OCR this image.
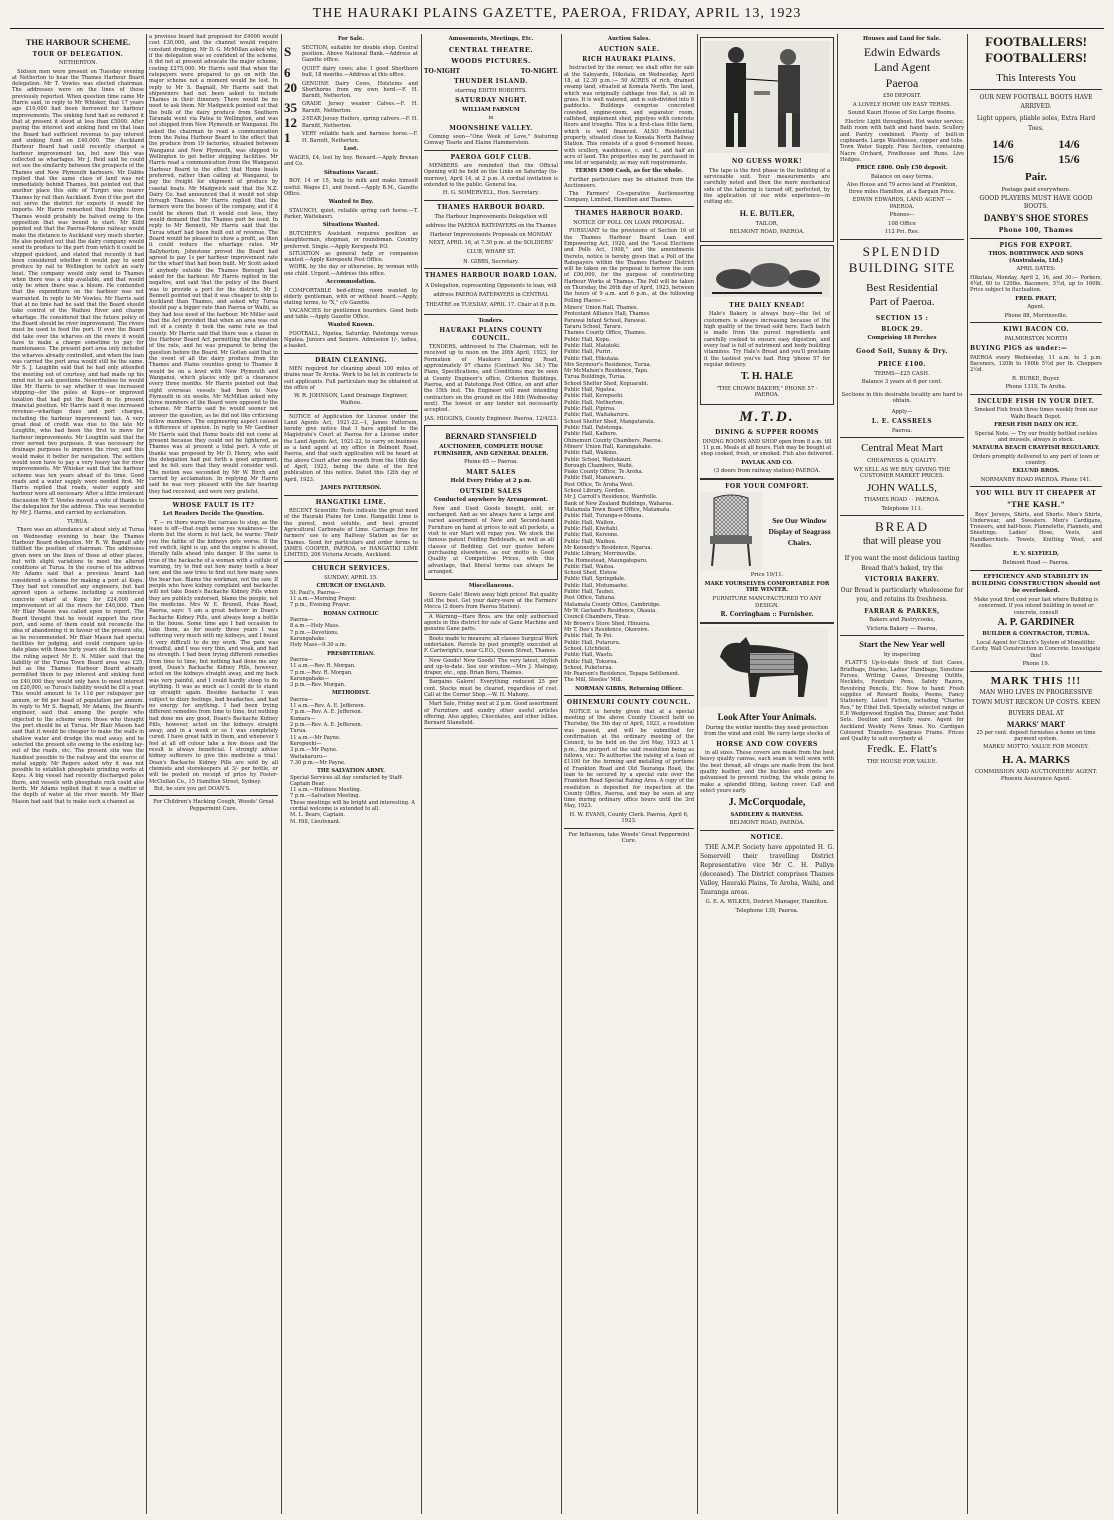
THE HAURAKI PLAINS GAZETTE, PAEROA, FRIDAY, APRIL 13, 1923
THE HARBOUR SCHEME.
TOUR OF DELEGATION.
NETHERTON.

Sixteen men were present on Tuesday evening at Netherton to hear the Thames Harbour Board delegation. Mr T. Vowles was elected chairman. The addresses were on the lines of those previously reported. When question time came Mr Harris said, in reply to Mr Whisker, that 17 years ago £10,000 had been borrowed for harbour improvements. The sinking fund had so reduced it that at present it stood at less than £5000. After paying the interest and sinking fund on that loan the Board had sufficient revenue to pay interest and sinking fund on £40,000. The Auckland Harbour Board had until recently charged a harbour improvement tax, but now this was collected as wharfages. Mr J. Reid said he could not see the similarity between the prospects of the Thames and New Plymouth harbours. Mr Dabbs replied that the same class of land was not immediately behind Thames, but pointed out that another place this side of Turgiri was nearer Thames by rail than Auckland. Even if the port did not serve the district for exports it would for imports. Mr Harris remarked that freights from Thames would probably be halved owing to the opposition that was bound to start. Mr Kidd pointed out that the Paeroa-Pokeno railway would make the distance to Auckland very much shorter. He also pointed out that the dairy company would send its produce to the port from which it could be shipped quickest, and stated that recently it had been considered whether it would pay to send produce by rail to Wellington to catch an early boat. The company would only send to Thames when there was a ship available, and that would only be when there was a bloom. He contended that the expenditure on the harbour was not warranted. In reply to Mr Vowles, Mr Harris said that at no time had he said that the Board should take control of the Waihou River and charge wharfage. He considered that the future policy of the Board should be river improvement. The rivers must be used to feed the port. If ever the Board did take over the wharves on the rivers it would have to make a charge sometime to pay for maintenance. The present port area only included the wharves already controlled, and when the loan was carried the port area would still be the same. Mr S. J. Laughlin said that he had only attended the meeting out of courtesy, and had made up his mind not to ask questions. Nevertheless he would like Mr Harris to say whether it was increased shipping—for the poles at Kopu—or improved taxation that had put the Board in its present financial position. Mr Harris said it was increased revenue—wharfage dues and port charges, including the harbour improvement tax. A very great deal of credit was due to the late Mr Loughlin, who had been the first to move for harbour improvements. Mr Loughlin said that the river served two purposes. It was necessary for drainage purposes to improve the river, and this would make it better for navigation. The settlers would soon have to pay a very heavy tax for river improvements. Mr Whisker said that the harbour scheme was ten years ahead of its time. Good roads and a water supply were needed first. Mr Harris replied that roads, water supply and harbour were all necessary. After a little irrelevant discussion Mr T. Vowles moved a vote of thanks to the delegation for the address. This was seconded by Mr J. Harms, and carried by acclamation.

TURUA.

There was an attendance of about sixty at Turua on Wednesday evening to hear the Thames Harbour Board delegation. Mr R. W. Bagnall ably fulfilled the position of chairman. The addresses given were on the lines of those at other places, but with slight variations to meet the altered conditions at Turua. In the course of his address Mr Adams said that a previous board had considered a scheme for making a port at Kopu. They had not consulted any engineers, but had agreed upon a scheme including a reinforced concrete wharf at Kopu for £24,000 and improvement of all the rivers for £40,000. Then Mr Blair Mason was called upon to report. The Board thought that he would support the river port, and some of them could not reconcile the idea of abandoning it in favour of the present site, as he recommended. Mr Blair Mason had special facilities for judging, and could compare up-to-date plans with those forty years old. In discussing the ruling aspect Mr E. N. Miller said that the liability of the Turua Town Board area was £25, but as the Thames Harbour Board already permitted them to pay interest and sinking fund on £40,000 they would only have to meet interest on £20,000, so Turua's liability would be £8 a year. This would amount to 1s 11d per ratepayer per annum, or 6d per head of population per annum. In reply to Mr S. Bagnall, Mr Adams, the Board's engineer, said that among the people who objected to the scheme were those who thought the port should be at Turua. Mr Blair Mason had said that it would be cheaper to make the walls in shallow water and dredge the mud away, and he selected the present site owing to the existing lay-out of the roads, etc. The present site was the handiest possible to the railway and the source of metal supply. Mr Rogers asked why it was not possible to establish phosphate grinding works at Kopu. A big vessel had recently discharged poles there, and vessels with phosphate rock could also berth. Mr Adams replied that it was a matter of the depth of water at the river mouth. Mr Blair Mason had said that to make such a channel as

a previous board had proposed for £4000 would cost £30,000, and the channel would require constant dredging. Mr D. G. McMillan asked why, if the delegation was so confident of the scheme, it did not at present advocate the major scheme, costing £275,000. Mr Harris said that when the ratepayers were prepared to go on with the major scheme not a moment would be lost. In reply to Mr S. Bagnall, Mr Harris said that shipowners had not been asked to include Thames in their itinerary. There would be no need to ask them. Mr Madgwick pointed out that the bulk of the dairy produce from Southern Taranaki went via Patea to Wellington, and was not shipped from New Plymouth or Wanganui. He asked the chairman to read a communication from the Patea Harbour Board to the effect that the produce from 19 factories, situated between Wanganui and New Plymouth, was shipped to Wellington to get better shipping facilities. Mr Harris read a communication from the Wanganui Harbour Board to the effect that Home boats preferred, rather than calling at Wanganui, to pay the freight for shipment of produce by coastal boats. Mr Madgwick said that the N.Z. Dairy Co. had announced that it would not ship through Thames. Mr Harris replied that the farmers were the bosses of the company, and if it could be shown that it would cost less, they would demand that the Thames port be used. In reply to Mr Bennett, Mr Harris said that the Turua wharf had been built out of revenue. The Board would be pleased to show a profit, as then it could reduce the wharfage rates. Mr Ballyborton, Johnstone proved the Board had agreed to pay 1s per harbour improvement rate for the wharf that had been built. Mr Scott asked if anybody outside the Thames Borough had asked for the harbour. Mr Harris replied in the negative, and said that the policy of the Board was to provide a port for the district. Mr J. Bennett pointed out that it was cheaper to ship to Auckland than Thames, and asked why Turua should pay a bigger rate than Paeroa or Waihi, as they had less need of the harbour. Mr Miller said that the Act provided that when an area was cut out of a county it took the same rate as that county. Mr Harris said that there was a clause in the Harbour Board Act permitting the alteration of the rate, and he was prepared to bring the question before the Board. Mr Gotlan said that in the event of all the dairy produce from the Thames and Plains counties going to Thames it would be on a level with New Plymouth and Wanganui, which places only got a clearance every three months. Mr Harris pointed out that eight overseas vessels had been to New Plymouth in six weeks. Mr McMillan asked why three members of the Board were opposed to the scheme. Mr Harris said he would sooner not answer the question, as he did not like criticising fellow members. The engineering aspect caused a difference of opinion. In reply to Mr Gardiner Mr Harris said that Home boats did not come at present because they could not be lightered, as Thames was at present a tidal port. A vote of thanks was proposed by Mr D. Henry, who said the delegation had put forth a good argument, and he felt sure that they would consider well. The motion was seconded by Mr W. Birch and carried by acclamation. In replying Mr Harris said he was very pleased with the fair hearing they had received, and were very grateful.

WHOSE FAULT IS IT?
Let Readers Decide The Question.

T — ro thors warns the carcass to stop, as the lease is off—that ough some yes weakness— the storm but the storm is but lack, he warns: Their you the faithe of the kidneys gets worse. If the red switch, light is up, and the engine is abused, literally falls ahead into danger. If the same is true of the backache of a woman with a cellule of warning, try to find out how many teeth a bear saw, and the saw tries to find out how many saws the bear has. Blame the workman, not the saw. If people who have kidney complaint and backache will not take Doan's Backache Kidney Pills when they are publicly endorsed, blame the people, not the medicine. Mrs W. E. Brunell, Puke Road, Paeroa, says: 'I am a great believer in Doan's Backache Kidney Pills, and always keep a bottle in the house. Some time ago I had occasion to take them, as for nearly three years I was suffering very much with my kidneys, and I found it very difficult to do my work. The pain was dreadful, and I was very thin, and weak, and had no strength. I had been trying different remedies from time to time, but nothing had done me any good, Doan's Backache Kidney Pills, however, acted on the kidneys straight away, and my back was very painful, and I could hardly stoop to do anything. It was as much as I could do to stand up straight again. Besides backache I was subject to dizzy feelings, bad headaches, and had no energy for anything. I had been trying different remedies from time to time, but nothing had done me any good, Doan's Backache Kidney Pills, however, acted on the kidneys straight away, and in a week or so I was completely cured. I have great faith in them, and whenever I feel at all off colour take a few doses and the result is always beneficial. I strongly advise kidney sufferers to give this medicine a trial.' Doan's Backache Kidney Pills are sold by all chemists and storekeepers at 3/- per bottle, or will be posted on receipt of price by Foster-McClellan Co., 15 Hamilton Street, Sydney.

But, be sure you get DOAN'S.

For Children's Hacking Cough, Woods' Great Peppermint Cure.
For Sale.
S	SECTION, suitable for double shop. Central position. Above National Bank.—Address at Gazette office.
6	QUIET dairy cows; also 1 good Shorthorn bull, 18 months.—Address at this office.
20 GENUINE Dairy Cows, Holsteins and Shorthorns from my own herd.—F. H. Barnitt, Netherton.
35 GRADE Jersey weaner Calves.—F. H. Barnitt, Netherton.
12 2-YEAR Jersey Heifers, spring calvers.—F. H. Barnitt, Netherton.
1	VERY reliable hack and harness horse.—F. H. Barnitt, Netherton.
Lost.

WAGES, £4, lost by boy. Reward.—Apply Brenan and Co.

Situations Vacant.

BOY, 14 or 15, help to milk and make himself useful. Wages £1, and found.—Apply B.M., Gazette Office.

Wanted to Buy.

STAUNCH, quiet, reliable spring cart horse.—T. Parker, Waitekauri.

Situations Wanted.

BUTCHER'S Assistant requires position as slaughterman, shopman, or roundsman. Country preferred. Single.—Apply Kerepeehi P.O.

SITUATION as general help or companion wanted.—Apply Kerepeehi Post Office.

WORK, by the day or otherwise, by woman with one child. Urgent.—Address this office.

Accommodation.

COMFORTABLE bed-sitting room wanted by elderly gentleman, with or without board.—Apply, stating terms, to "X," c/o Gazette.

VACANCIES for gentlemen boarders. Good beds and table.—Apply Gazette Office.

Wanted Known.

FOOTBALL, Ngatea, Saturday. Patetonga versus Ngatea. Juniors and Seniors. Admission 1/-, ladies, a basket.

DRAIN CLEANING.

MEN required for cleaning about 100 miles of drains near Te Aroha. Work to be let in contracts to suit applicants. Full particulars may be obtained at the office of

W. R. JOHNSON, Land Drainage Engineer, Waihou.

NOTICE of Application for License under the Land Agents Act, 1921-22.—I, James Patterson, hereby give notice that I have applied to the Magistrate's Court at Paeroa for a License under the Land Agents Act, 1921-22, to carry on business as a land agent at my office in Belmont Road, Paeroa, and that such application will be heard at the above Court after one month from the 16th day of April, 1923, being the date of the first publication of this notice. Dated this 12th day of April, 1923.

JAMES PATTERSON.
HANGATIKI LIME.

RECENT Scientific Tests indicate the great need of the Hauraki Plains for Lime. Hangatiki Lime is the purest, most soluble, and best ground Agricultural Carbonate of Lime. Carriage free for farmers' use to any Railway Station as far as Thames. Send for particulars and order forms to JAMES COOPER, PAEROA, or HANGATIKI LIME LIMITED, 206 Victoria Arcade, Auckland.

CHURCH SERVICES.
SUNDAY, APRIL 15.
CHURCH OF ENGLAND.
St. Paul's, Paeroa—
11 a.m.—Morning Prayer.
7 p.m., Evening Prayer.
ROMAN CATHOLIC
Paeroa—
8 a.m.—Holy Mass.
7 p.m.—Devotions.
Karangahake:
Holy Mass—9.30 a.m.
PRESBYTERIAN.
Paeroa—
11 a.m.—Rev. R. Morgan.
7 p.m.—Rev. R. Morgan.
Karangahake—
3 p.m.—Rev. Morgan.
METHODIST.
Paeroa—
11 a.m.—Rev. A. E. Jefferson.
7 p.m.—Rev. A. E. Jefferson.
Kumara—
2 p.m.—Rev. A. E. Jefferson.
Turua.
11 a.m.—Mr Payne.
Kerepeehi—
3 p.m.—Mr Payne.
Waitakaruru—
7.30 p.m.—Mr Payne.
THE SALVATION ARMY.
Special Services all day conducted by Staff-Captain Bear.
11 a.m.—Holiness Meeting.
7 p.m.—Salvation Meeting.
These meetings will be bright and interesting. A cordial welcome is extended to all.
M. L. Bears, Captain.
M. Hill, Lieutenant.
Amusements, Meetings, Etc.
CENTRAL THEATRE.
WOODS PICTURES.
TO-NIGHT	TO-NIGHT.
THUNDER ISLAND.
starring EDITH ROBERTS.
SATURDAY NIGHT.
WILLIAM FARNUM
in
MOONSHINE VALLEY.

Coming soon—"One Week of Love," featuring Conway Tearle and Elaine Hammerstein.

PAEROA GOLF CLUB.

MEMBERS are reminded that the Official Opening will be held on the Links on Saturday (to-morrow), April 14, at 2 p.m. A cordial invitation is extended to the public. General tea.

H. G. SOMERVELL, Hon. Secretary.
THAMES HARBOUR BOARD.

The Harbour Improvements Delegation will address the PAEROA RATEPAYERS on the Thames Harbour Improvements Proposals on MONDAY NEXT, APRIL 16, at 7.30 p.m. at the SOLDIERS' CLUB, WHARF ST.

N. GIBBS, Secretary.
THAMES HARBOUR BOARD LOAN.

A Delegation, representing Opponents to loan, will address PAEROA RATEPAYERS in CENTRAL THEATRE on TUESDAY, APRIL 17. Chair at 8 p.m.

Tenders.
HAURAKI PLAINS COUNTY COUNCIL.

TENDERS, addressed to The Chairman, will be received up to noon on the 20th April, 1923, for Formation of Maukoro Landing Road, approximately 97 chains (Contract No. 34.) The Plans, Specifications, and Conditions may be seen at County Engineer's office, Criterion Buildings, Paeroa, and at Patetonga Post Office, on and after the 15th inst. The Engineer will meet intending contractors on the ground on the 18th (Wednesday next). The lowest or any tender not necessarily accepted.

JAS. HIGGINS, County Engineer. Paeroa, 12/4/23.
BERNARD STANSFIELD
AUCTIONEER, COMPLETE HOUSE FURNISHER, AND GENERAL DEALER.
Phone 65 — Paeroa.
MART SALES
Held Every Friday at 2 p.m.
OUTSIDE SALES
Conducted anywhere by Arrangement.

New and Used Goods bought, sold, or exchanged. And as we always have a large and varied assortment of New and Second-hand Furniture on hand at prices to suit all pockets, a visit to our Mart will repay you. We stock the famous patent Folding Bedsteads, as well as all classes of Bedding. Get our quotes before purchasing elsewhere, as our motto is Good Quality at Competitive Prices, with this advantage, that liberal terms can always be arranged.

Miscellaneous.

Severe Gale! Blown away high prices! But quality still the best. Get your dairy-ware at the Farmers' Mecca (2 doors from Paeroa Station).

A Warning—Hare Bros. are the only authorised agents in this district for sale of Gane Machine and genuine Gane parts.

Boots made to measure; all classes Surgical Work undertaken. Parcels by post promptly executed at F. Cartwright's, near G.P.O., Queen Street, Thames.

New Goods! New Goods! The very latest, stylish and up-to-date. See our window.—Mrs J. Maingay, draper, etc., opp. Brian Boru, Thames.

Bargains Galore! Everything reduced 25 per cent. Stocks must be cleared, regardless of cost. Call at the Corner Shop.—W. H. Mahony.

Mart Sale, Friday next at 2 p.m. Good assortment of Furniture and sundry other useful articles offering. Also apples, Chocolates, and other lollies. Bernard Stansfield.

Auction Sales.
AUCTION SALE.
RICH HAURAKI PLAINS.

Instructed by the owner, we shall offer for sale at the Saleyards, Hikutaia, on Wednesday, April 18, at 12.30 p.m.:— 50 ACRES of rich, drained swamp land, situated at Komata North. The land, which was originally cabbage tree flat, is all in grass. It is well watered, and is sub-divided into 8 paddocks. Buildings comprise concreted cowshed, engine-room, and separator room, calfshed, implement shed, pigstyes with concrete floors and troughs. This is a first-class little farm, which is well financed. ALSO Residential property, situated close to Komata North Railway Station. This consists of a good 6-roomed house, with scullery, washhouse, c. and t., and half an acre of land. The properties may be purchased in one lot or separately, as may suit requirements.

TERMS £500 Cash, as for the whole.

Further particulars may be obtained from the Auctioneers.

The Farmers' Co-operative Auctioneering Company, Limited, Hamilton and Thames.

THAMES HARBOUR BOARD.
NOTICE OF POLL ON LOAN PROPOSAL.

PURSUANT to the provisions of Section 16 of the Thames Harbour Board Loan and Empowering Act, 1920, and the "Local Elections and Polls Act, 1908," and the amendments thereto, notice is hereby given that a Poll of the Ratepayers within the Thames Harbour District will be taken on the proposal to borrow the sum of £90,000, for the purpose of constructing Harbour Works at Thames. The Poll will be taken on Thursday, the 26th day of April, 1923, between the hours of 9 a.m. and 6 p.m., at the following Polling Places:—

Miners' Union Hall, Thames.
Protestant Alliance Hall, Thames.
Parawai Infant School, Parawai.
Tararu School, Tararu.
Thames County Office, Thames.
Public Hall, Kopu.
Public Hall, Matatoki.
Public Hall, Puriri.
Public Hall, Hikutaia.
Mrs Seymour's Residence, Turua.
Mr McMahon's Residence, Tapu.
Turua Buildings, Turua.
School Shelter Shed, Kopuarahi.
Public Hall, Ngatea.
Public Hall, Kerepeehi.
Public Hall, Netherton.
Public Hall, Pipiroa.
Public Hall, Waitakaruru.
School Shelter Shed, Mangatarata.
Public Hall, Patetonga.
Public Hall, Kaihere.
Ohinemuri County Chambers, Paeroa.
Miners' Union Hall, Karangahake.
Public Hall, Waikino.
Public School, Waitekauri.
Borough Chambers, Waihi.
Piako County Office, Te Aroha.
Public Hall, Manawaru.
Post Office, Te Aroha West.
School Library, Gordon.
Mr J. Carroll's Residence, Wardville.
Bank of New Zealand Buildings, Waharoa.
Matamata Town Board Office, Matamata.
Public Hall, Turanga-o-Moana.
Public Hall, Walton.
Public Hall, Kiwitahi.
Public Hall, Kereone.
Public Hall, Waihou.
Mr Kennedy's Residence, Ngarua.
Public Library, Morrinsville.
The Homestead, Maungateparu.
Public Hall, Waitoa.
School Shed, Elstow.
Public Hall, Springdale.
Public Hall, Motumaoho.
Public Hall, Tauhei.
Post Office, Tahuna.
Matamata County Office, Cambridge.
Mr W. Garland's Residence, Okauia.
Council Chambers, Tirau.
Mr Brown's Store Shed, Hinuera.
Mr T. Dee's Residence, Okoroire.
Public Hall, Te Poi.
Public Hall, Putaruru.
School, Litchfield.
Public Hall, Waotu.
Public Hall, Tokoroa.
School, Puketurua.
Mr Pearson's Residence, Tepapa Settlement.
The Mill, Steeles' Mill.
NORMAN GIBBS, Returning Officer.
OHINEMURI COUNTY COUNCIL.

NOTICE is hereby given that at a special meeting of the above County Council held on Thursday, the 5th day of April, 1923, a resolution was passed, and will be submitted for confirmation at the ordinary meeting of the Council, to be held on the 3rd May, 1923 at 1 p.m., the purport of the said resolution being as follows, viz.: To authorise the raising of a loan of £1100 for the forming and metalling of portions of Frankton Road and Old Taurangа Road, the loan to be secured by a special rate over the Frankton Road Special Rating Area. A copy of the resolution is deposited for inspection at the County Office, Paeroa, and may be seen at any time during ordinary office hours until the 3rd May, 1923.

H. W. EVANS, County Clerk. Paeroa, April 6, 1923.
For Influenza, take Woods' Great Peppermint Cure.
NO GUESS WORK!

The tape is the first phase in the building of a serviceable suit. Your measurements are carefully noted and then the mere mechanical side of the tailoring is turned off, perfected, by the application of our wide experience—in cutting etc.

H. E. BUTLER,
TAILOR,
BELMONT ROAD, PAEROA.
THE DAILY KNEAD!

Hale's Bakery is always busy—the list of customers is always increasing because of the high quality of the bread sold here. Each batch is made from the purest ingredients and carefully cooked to ensure easy digestion, and every loaf is full of nutriment and body building vitamines. Try Hale's Bread and you'll proclaim it the tastiest you've had. Ring 'phone 57 for regular delivery.

T. H. HALE
"THE CROWN BAKERY," PHONE 57 · PAEROA.
M.T.D.
DINING & SUPPER ROOMS

DINING ROOMS AND SHOP open from 8 a.m. till 11 p.m. Meals at all hours. Fish may be bought at shop cooked, fresh, or smoked. Fish also delivered.

PAVLAK AND CO.
(3 doors from railway station) PAEROA.
FOR YOUR COMFORT.
See Our Window Display of Seagrass Chairs.
Price 19/11.
MAKE YOURSELVES COMFORTABLE FOR THE WINTER.
FURNITURE MANUFACTURED TO ANY DESIGN.
R. Corringham :: Furnisher.
Look After Your Animals.

During the winter months they need protection from the wind and cold. We carry large stocks of

HORSE AND COW COVERS

in all sizes. These covers are made from the best heavy quality canvas, each seam is well sewn with the best thread, all straps are made from the best quality leather, and the buckles and rivets are galvanised to prevent rusting, the whole going to make a splendid fitting, lasting cover. Call and select yours early.

J. McCorquodale,
SADDLERY & HARNESS.
BELMONT ROAD, PAEROA.
NOTICE.

THE A.M.P. Society have appointed H. G. Somervell their travelling District Representative vice Mr C. H. Pullyn (deceased). The District comprises Thames Valley, Hauraki Plains, Te Aroha, Waihi, and Tauranga areas.

G. E. A. WILKES, District Manager, Hamilton.
Telephone 130, Paeroa.
Houses and Land for Sale.
Edwin Edwards
Land Agent
Paeroa
£50 DEPOSIT.
A LOVELY HOME ON EASY TERMS.
Sound Kauri House of Six Large Rooms.

Electric Light throughout. Hot water service; Bath room with bath and hand basin. Scullery and Pantry combined. Plenty of built-in cupboards. Large Washhouse, copper and tubs. Town Water Supply. Fine Section, containing Nacre Orchard, Fowlhouse and Runs. Live Hedges.

PRICE £800. Only £50 deposit.
Balance on easy terms.

Also House and 79 acres land at Frankton, three miles Hamilton, at a Bargain Price.

EDWIN EDWARDS, LAND AGENT — PAEROA.
Phones—
108 Office
112 Pri. Res.
SPLENDID
BUILDING SITE
Best Residential
Part of Paeroa.
SECTION 15 :
BLOCK 29.
Comprising 18 Perches
Good Soil, Sunny & Dry.
PRICE £100.
TERMS—£25 CASH.
Balance 3 years at 6 per cent.
Sections in this desirable locality are hard to obtain.
Apply—
L. E. CASSRELS
Paeroa.
Central Meat Mart
CHEAPNESS & QUALITY.
WE SELL AS WE BUY, GIVING THE CUSTOMER MARKET PRICES.
JOHN WALLS,
THAMES ROAD · · PAEROA.
Telephone 111.
BREAD
that will please you

If you want the most delicious tasting Bread that's baked, try the

VICTORIA BAKERY.

Our Bread is particularly wholesome for you, and retains its freshness.

FARRAR & PARKES,
Bakers and Pastrycooks,
Victoria Bakery — Paeroa,
Start the New Year well
by inspecting

FLATT'S Up-to-date Stock of Suit Cases, Briefbags, Diaries, Ladies' Handbags, Sunshine Purses, Writing Cases, Dressing Outfits, Necklets, Fountain Pens, Safety Razors, Revolving Pencils, Etc. Now to hand: Fresh supplies of Reward Books, Poems, Fancy Stationery. Latest Fiction, including "Charles Rex," by Ethel Dell. Specially selected range of E.P. Wedgewood English Tea, Dinner, and Toilet Sets. Doulton and Shelly ware. Agent for Auckland Weekly News Xmas. No. Cardigan Coloured Transfers. Seagrass Frams. Prices and Quality to suit everybody at

Fredk. E. Flatt's
THE HOUSE FOR VALUE.
FOOTBALLERS!
FOOTBALLERS!
This Interests You
OUR NEW FOOTBALL BOOTS HAVE ARRIVED.
Light uppers, pliable soles, Extra Hard Toes.
14/6	14/6
15/6	15/6
Pair.
Postage paid everywhere.
GOOD PLAYERS MUST HAVE GOOD BOOTS.
DANBY'S SHOE STORES
Phone 100, Thames
PIGS FOR EXPORT.
THOS. BORTHWICK AND SONS (Australasia, Ltd.)
APRIL DATES:

Hikutaia, Monday, April 2, 16, and 30:— Porkers, 4¾d, 60 to 120lbs. Baconers, 5½d, up to 160lb. Price subject to fluctuation.

FRED. PRATT,
Agent.
Phone 88, Morrinsville.
KIWI BACON CO.
PALMERSTON NORTH
BUYING PIGS as under:—

PAEROA every Wednesday, 11 a.m. to 3 p.m. Baconers, 120lb to 160lb 5½d per lb. Choppers 2½d.

R. BURKE, Buyer.
Phone 131S, Te Aroha.
INCLUDE FISH IN YOUR DIET.

Smoked Fish fresh three times weekly from our Waihi Beach Depot.

FRESH FISH DAILY ON ICE.

Special Note. — Try our freshly bottled cockles and mussels, always in stock.

MATAURA BEACH CRAYFISH REGULARLY.

Orders promptly delivered to any part of town or country.

EKLUND BROS.
NORMANBY ROAD PAEROA. Phone 141.
YOU WILL BUY IT CHEAPER AT
"THE KASH."

Boys' Jerseys, Shirts, and Shorts. Men's Shirts, Underwear, and Sweaters. Men's Cardigans, Trousers, and half-hose. Flannelette, Flannels, and Sheetings. Ladies' Hose, Vests, and Handkerchiefs. Towels, Knitting Wool, and Needles.

E. V. SLYFIELD,
Belmont Road — Paeroa.
EFFICIENCY AND STABILITY IN BUILDING CONSTRUCTION should not be overlooked.

Make youd first cost your last where Building is concerned. If you intend building in wood or concrete, consult

A. P. GARDINER
BUILDER & CONTRACTOR, TURUA.

Local Agent for Clinch's System of Monolithic Cavity. Wall Construction in Concrete. Investigate this!

Phone 19.
MARK THIS !!!

MAN WHO LIVES IN PROGRESSIVE TOWN MUST RECKON UP COSTS. KEEN BUYERS DEAL AT

MARKS' MART

25 per cent. deposit furnishes a home on time payment system.

MARKS' MOTTO: VALUE FOR MONEY.
H. A. MARKS
COMMISSION AND AUCTIONEERS' AGENT. Phoenix Assurance Agent.
